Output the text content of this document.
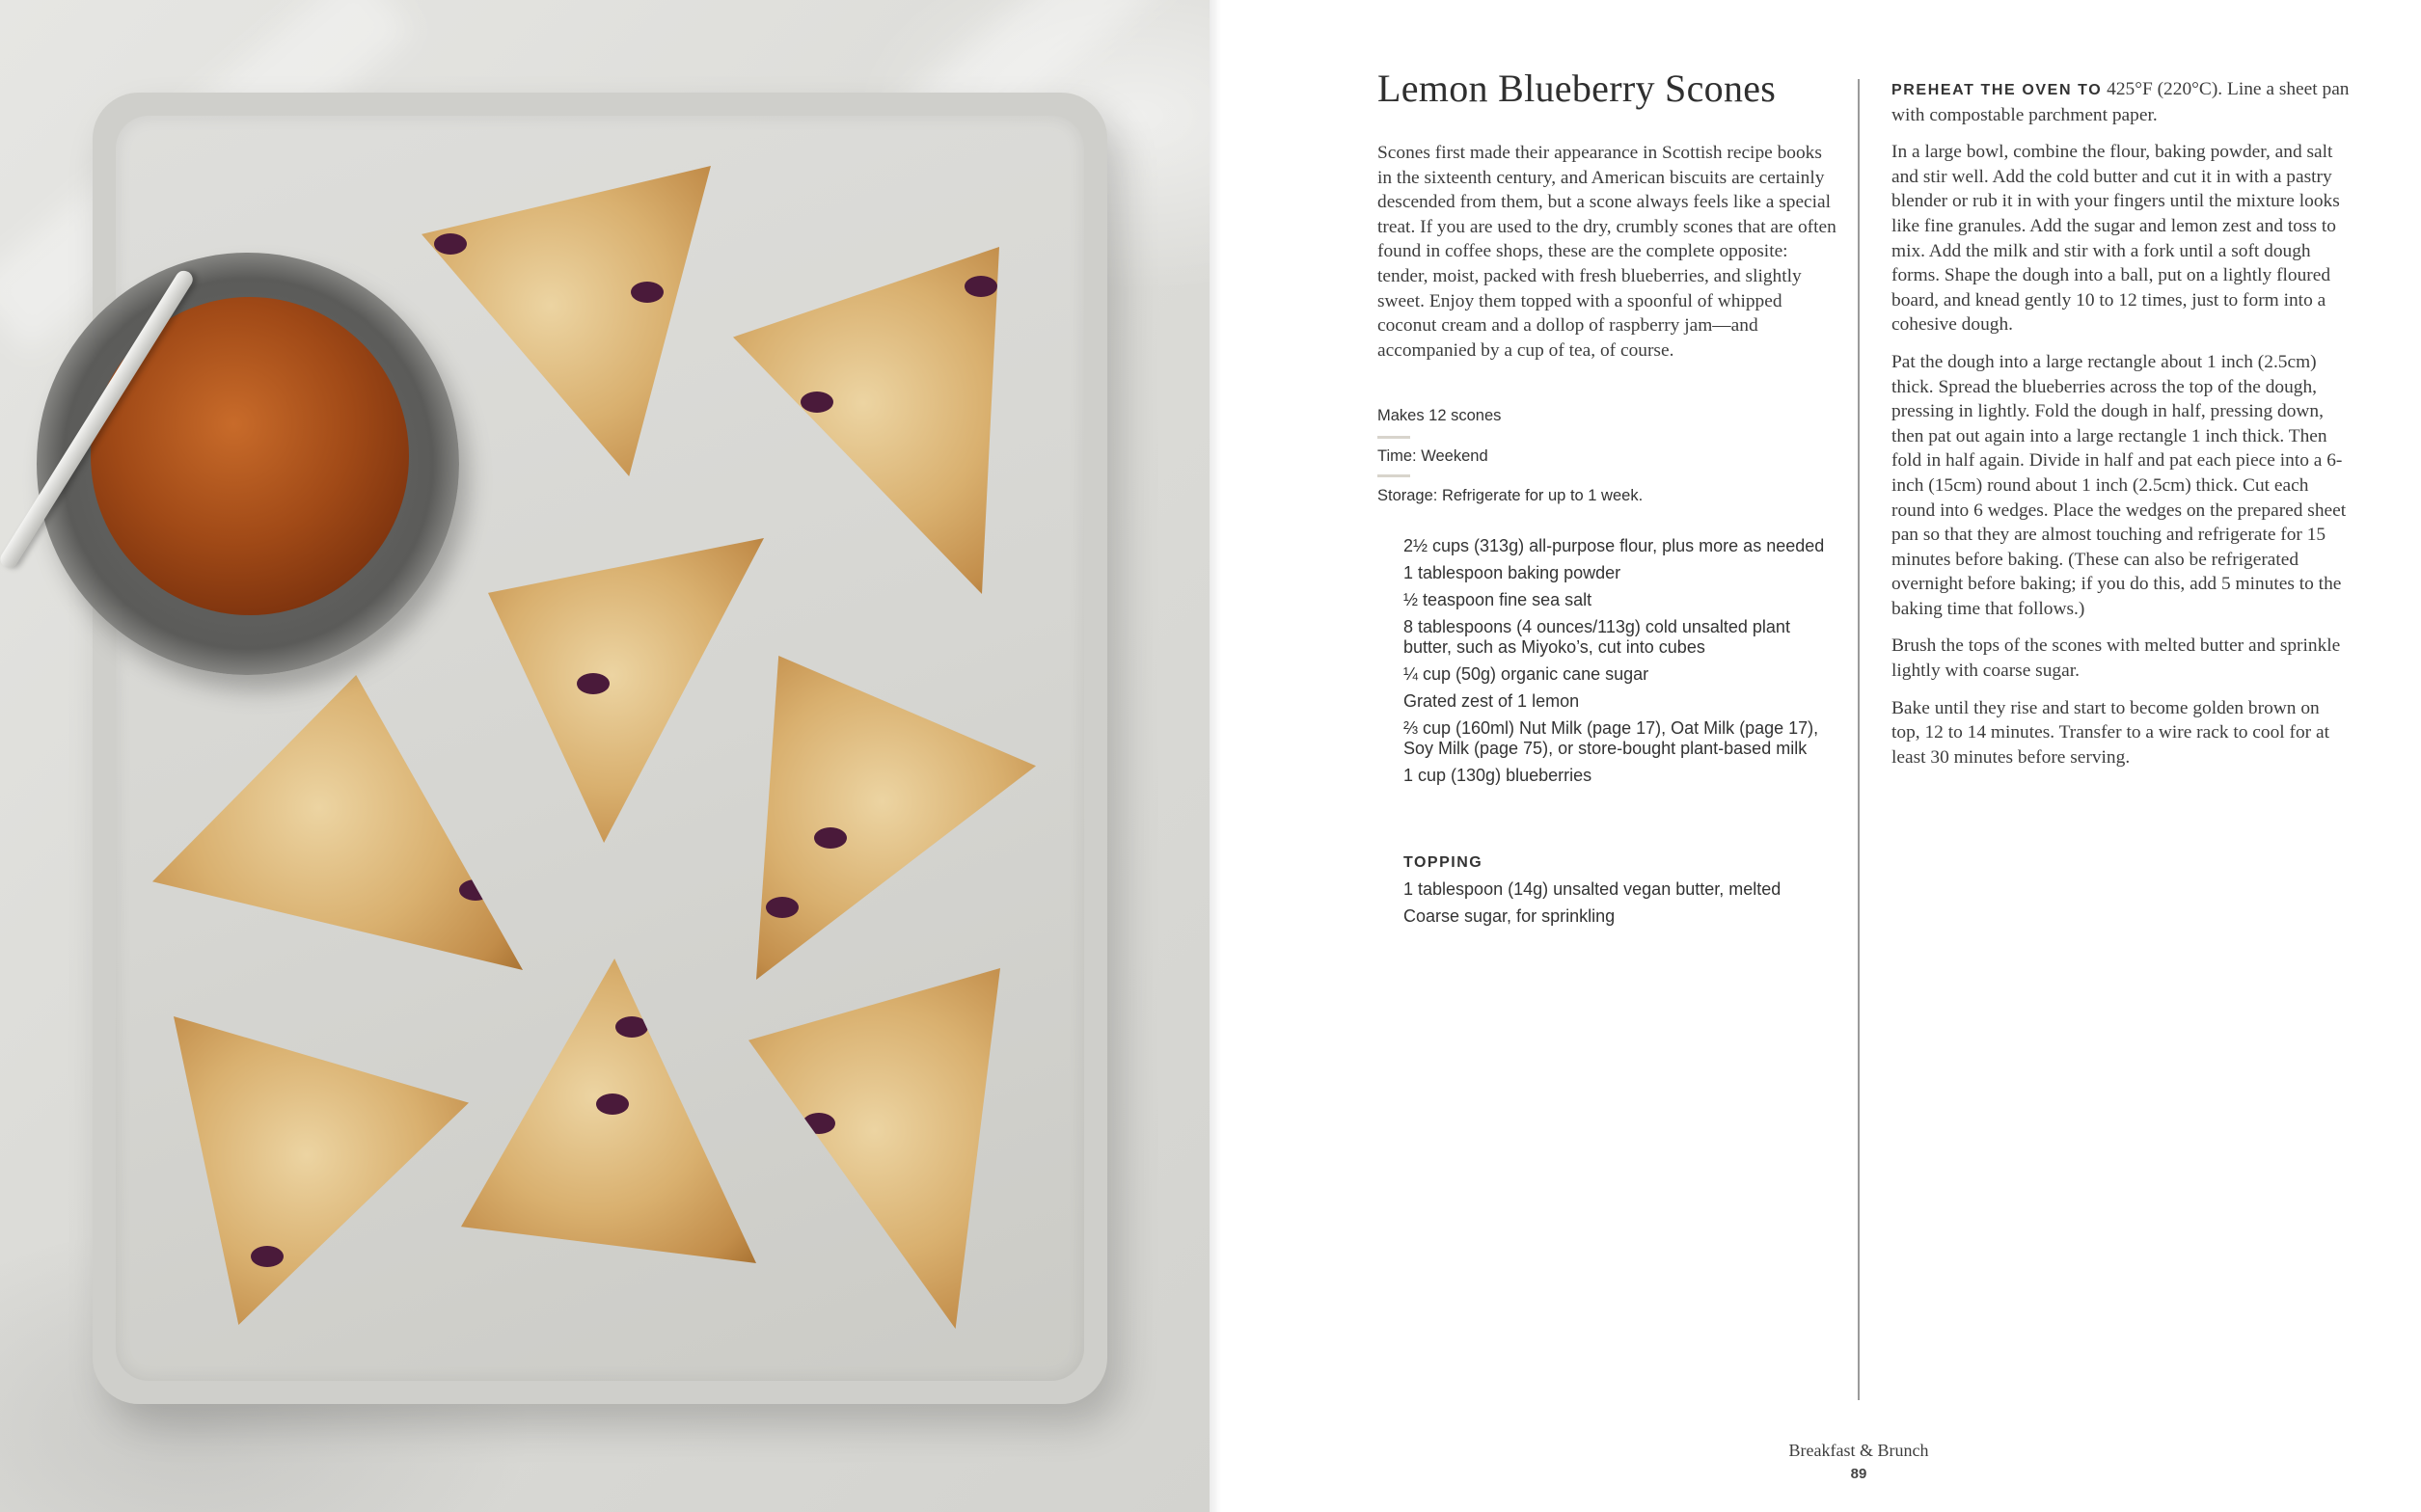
Lemon Blueberry Scones

Scones first made their appearance in Scottish recipe books in the sixteenth century, and American biscuits are certainly descended from them, but a scone always feels like a special treat. If you are used to the dry, crumbly scones that are often found in coffee shops, these are the complete opposite: tender, moist, packed with fresh blueberries, and slightly sweet. Enjoy them topped with a spoonful of whipped coconut cream and a dollop of raspberry jam—and accompanied by a cup of tea, of course.

Makes 12 scones
Time: Weekend
Storage: Refrigerate for up to 1 week.
2½ cups (313g) all-purpose flour, plus more as needed
1 tablespoon baking powder
½ teaspoon fine sea salt
8 tablespoons (4 ounces/113g) cold unsalted plant butter, such as Miyoko’s, cut into cubes
¼ cup (50g) organic cane sugar
Grated zest of 1 lemon
⅔ cup (160ml) Nut Milk (page 17), Oat Milk (page 17), Soy Milk (page 75), or store-bought plant-based milk
1 cup (130g) blueberries
TOPPING
1 tablespoon (14g) unsalted vegan butter, melted
Coarse sugar, for sprinkling

PREHEAT THE OVEN TO 425°F (220°C). Line a sheet pan with compostable parchment paper.

In a large bowl, combine the flour, baking powder, and salt and stir well. Add the cold butter and cut it in with a pastry blender or rub it in with your fingers until the mixture looks like fine granules. Add the sugar and lemon zest and toss to mix. Add the milk and stir with a fork until a soft dough forms. Shape the dough into a ball, put on a lightly floured board, and knead gently 10 to 12 times, just to form into a cohesive dough.

Pat the dough into a large rectangle about 1 inch (2.5cm) thick. Spread the blueberries across the top of the dough, pressing in lightly. Fold the dough in half, pressing down, then pat out again into a large rectangle 1 inch thick. Then fold in half again. Divide in half and pat each piece into a 6-inch (15cm) round about 1 inch (2.5cm) thick. Cut each round into 6 wedges. Place the wedges on the prepared sheet pan so that they are almost touching and refrigerate for 15 minutes before baking. (These can also be refrigerated overnight before baking; if you do this, add 5 minutes to the baking time that follows.)

Brush the tops of the scones with melted butter and sprinkle lightly with coarse sugar.

Bake until they rise and start to become golden brown on top, 12 to 14 minutes. Transfer to a wire rack to cool for at least 30 minutes before serving.

Breakfast & Brunch
89
